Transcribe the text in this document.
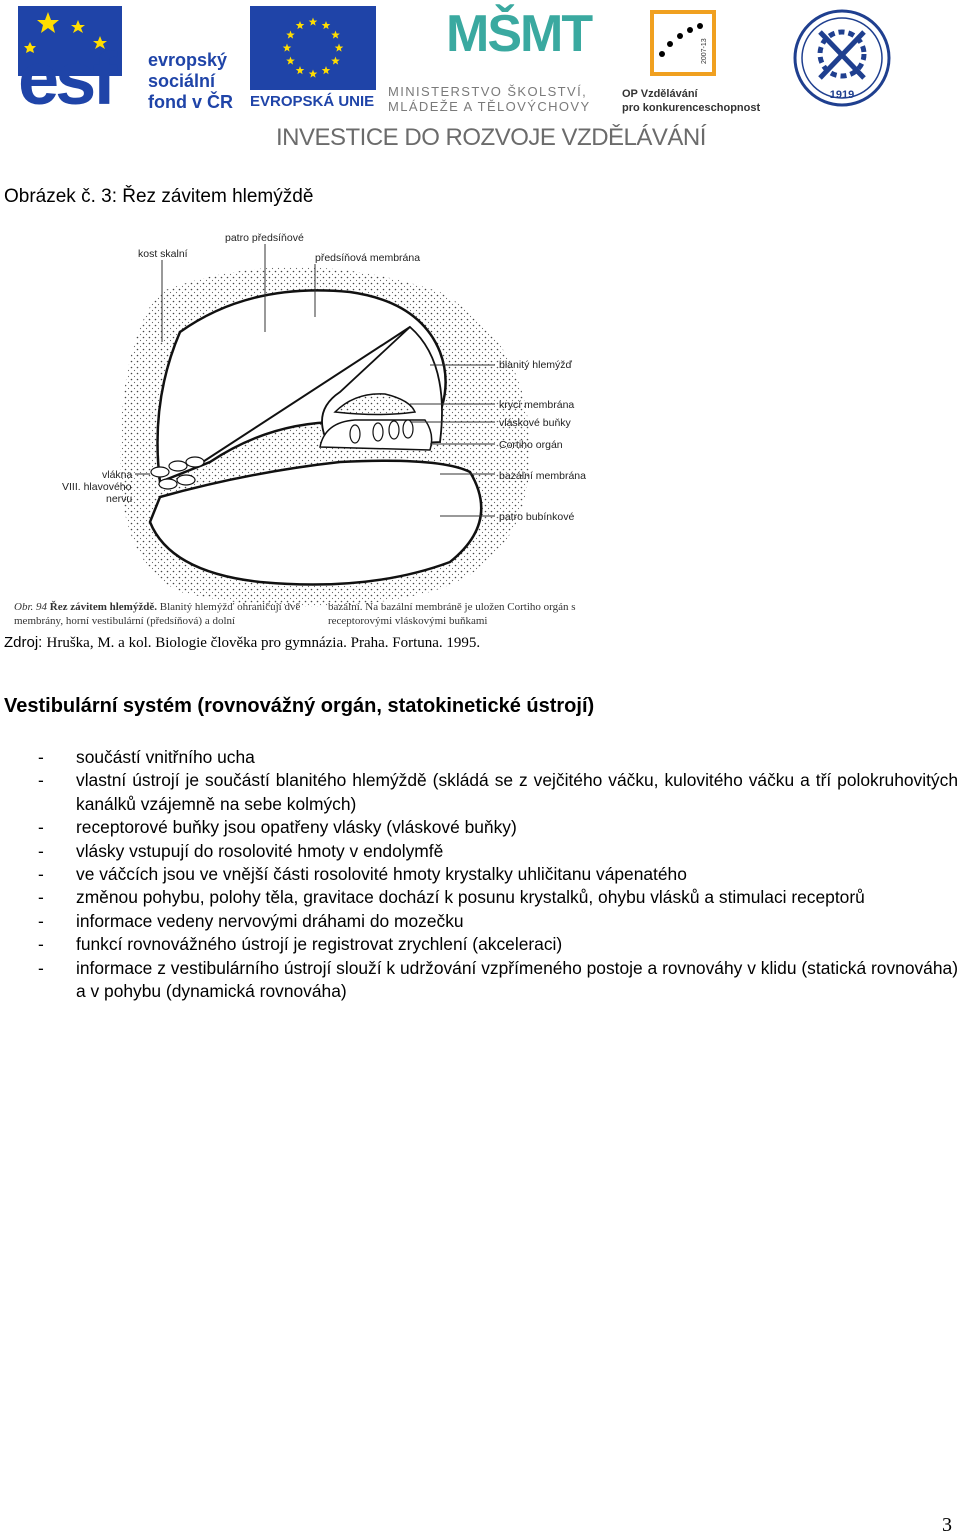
esf evropský
sociální
fond v ČR EVROPSKÁ UNIE
MŠMT
MINISTERSTVO ŠKOLSTVÍ,
MLÁDEŽE A TĚLOVÝCHOVY
2007-13
OP Vzdělávání
pro konkurenceschopnost
1919
INVESTICE DO ROZVOJE VZDĚLÁVÁNÍ
Obrázek č. 3: Řez závitem hlemýždě
kost skalní
patro předsíňové
předsíňová membrána
blanitý hlemýžď
krycí membrána
vláskové buňky
Cortiho orgán
vlákna
VIII. hlavového
nervu
bazální membrána
patro bubínkové
Obr. 94 Řez závitem hlemýždě. Blanitý hlemýžď ohraničují dvě membrány, horní vestibulární (předsíňová) a dolní
bazální. Na bazální membráně je uložen Cortiho orgán s receptorovými vláskovými buňkami
Zdroj: Hruška, M. a kol. Biologie člověka pro gymnázia. Praha. Fortuna. 1995.
Vestibulární systém (rovnovážný orgán, statokinetické ústrojí)
- součástí vnitřního ucha
- vlastní ústrojí je součástí blanitého hlemýždě (skládá se z vejčitého váčku, kulovitého váčku a tří polokruhovitých kanálků vzájemně na sebe kolmých)
- receptorové buňky jsou opatřeny vlásky (vláskové buňky)
- vlásky vstupují do rosolovité hmoty v endolymfě
- ve váčcích jsou ve vnější části rosolovité hmoty krystalky uhličitanu vápenatého
- změnou pohybu, polohy těla, gravitace dochází k posunu krystalků, ohybu vlásků a stimulaci receptorů
- informace vedeny nervovými dráhami do mozečku
- funkcí rovnovážného ústrojí je registrovat zrychlení (akceleraci)
- informace z vestibulárního ústrojí slouží k udržování vzpřímeného postoje a rovnováhy v klidu (statická rovnováha) a v pohybu (dynamická rovnováha)
3
